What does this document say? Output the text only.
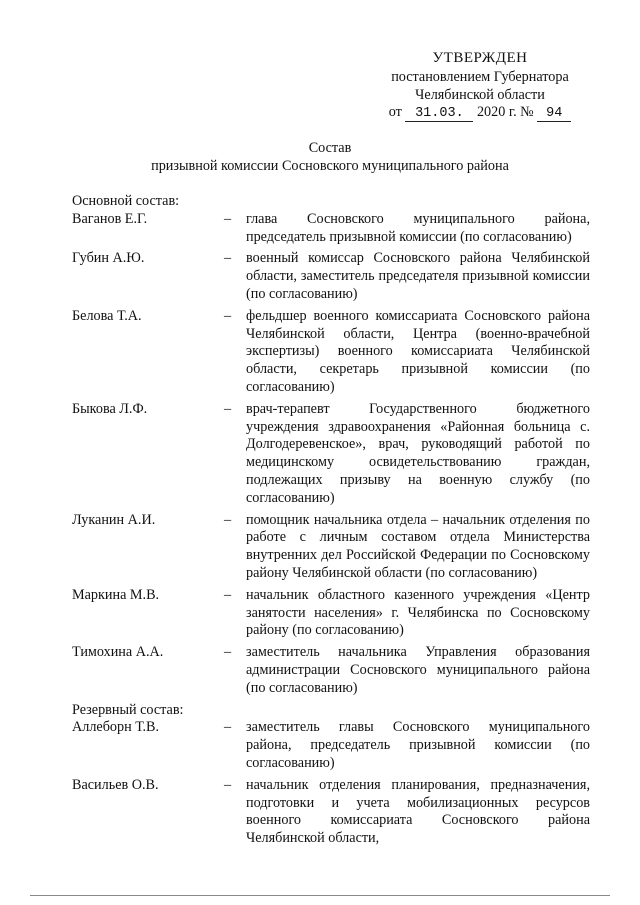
УТВЕРЖДЕН
постановлением Губернатора
Челябинской области
от 31.03. 2020 г. № 94
Состав
призывной комиссии Сосновского муниципального района
Основной состав:
Ваганов Е.Г.	–	глава Сосновского муниципального района, председатель призывной комиссии (по согласованию)
Губин А.Ю.	–	военный комиссар Сосновского района Челябинской области, заместитель председателя призывной комиссии (по согласованию)
Белова Т.А.	–	фельдшер военного комиссариата Сосновского района Челябинской области, Центра (военно-врачебной экспертизы) военного комиссариата Челябинской области, секретарь призывной комиссии (по согласованию)
Быкова Л.Ф.	–	врач-терапевт Государственного бюджетного учреждения здравоохранения «Районная больница с. Долгодеревенское», врач, руководящий работой по медицинскому освидетельствованию граждан, подлежащих призыву на военную службу (по согласованию)
Луканин А.И.	–	помощник начальника отдела – начальник отделения по работе с личным составом отдела Министерства внутренних дел Российской Федерации по Сосновскому району Челябинской области (по согласованию)
Маркина М.В.	–	начальник областного казенного учреждения «Центр занятости населения» г. Челябинска по Сосновскому району (по согласованию)
Тимохина А.А.	–	заместитель начальника Управления образования администрации Сосновского муниципального района (по согласованию)
Резервный состав:
Аллеборн Т.В.	–	заместитель главы Сосновского муниципального района, председатель призывной комиссии (по согласованию)
Васильев О.В.	–	начальник отделения планирования, предназначения, подготовки и учета мобилизационных ресурсов военного комиссариата Сосновского района Челябинской области,
